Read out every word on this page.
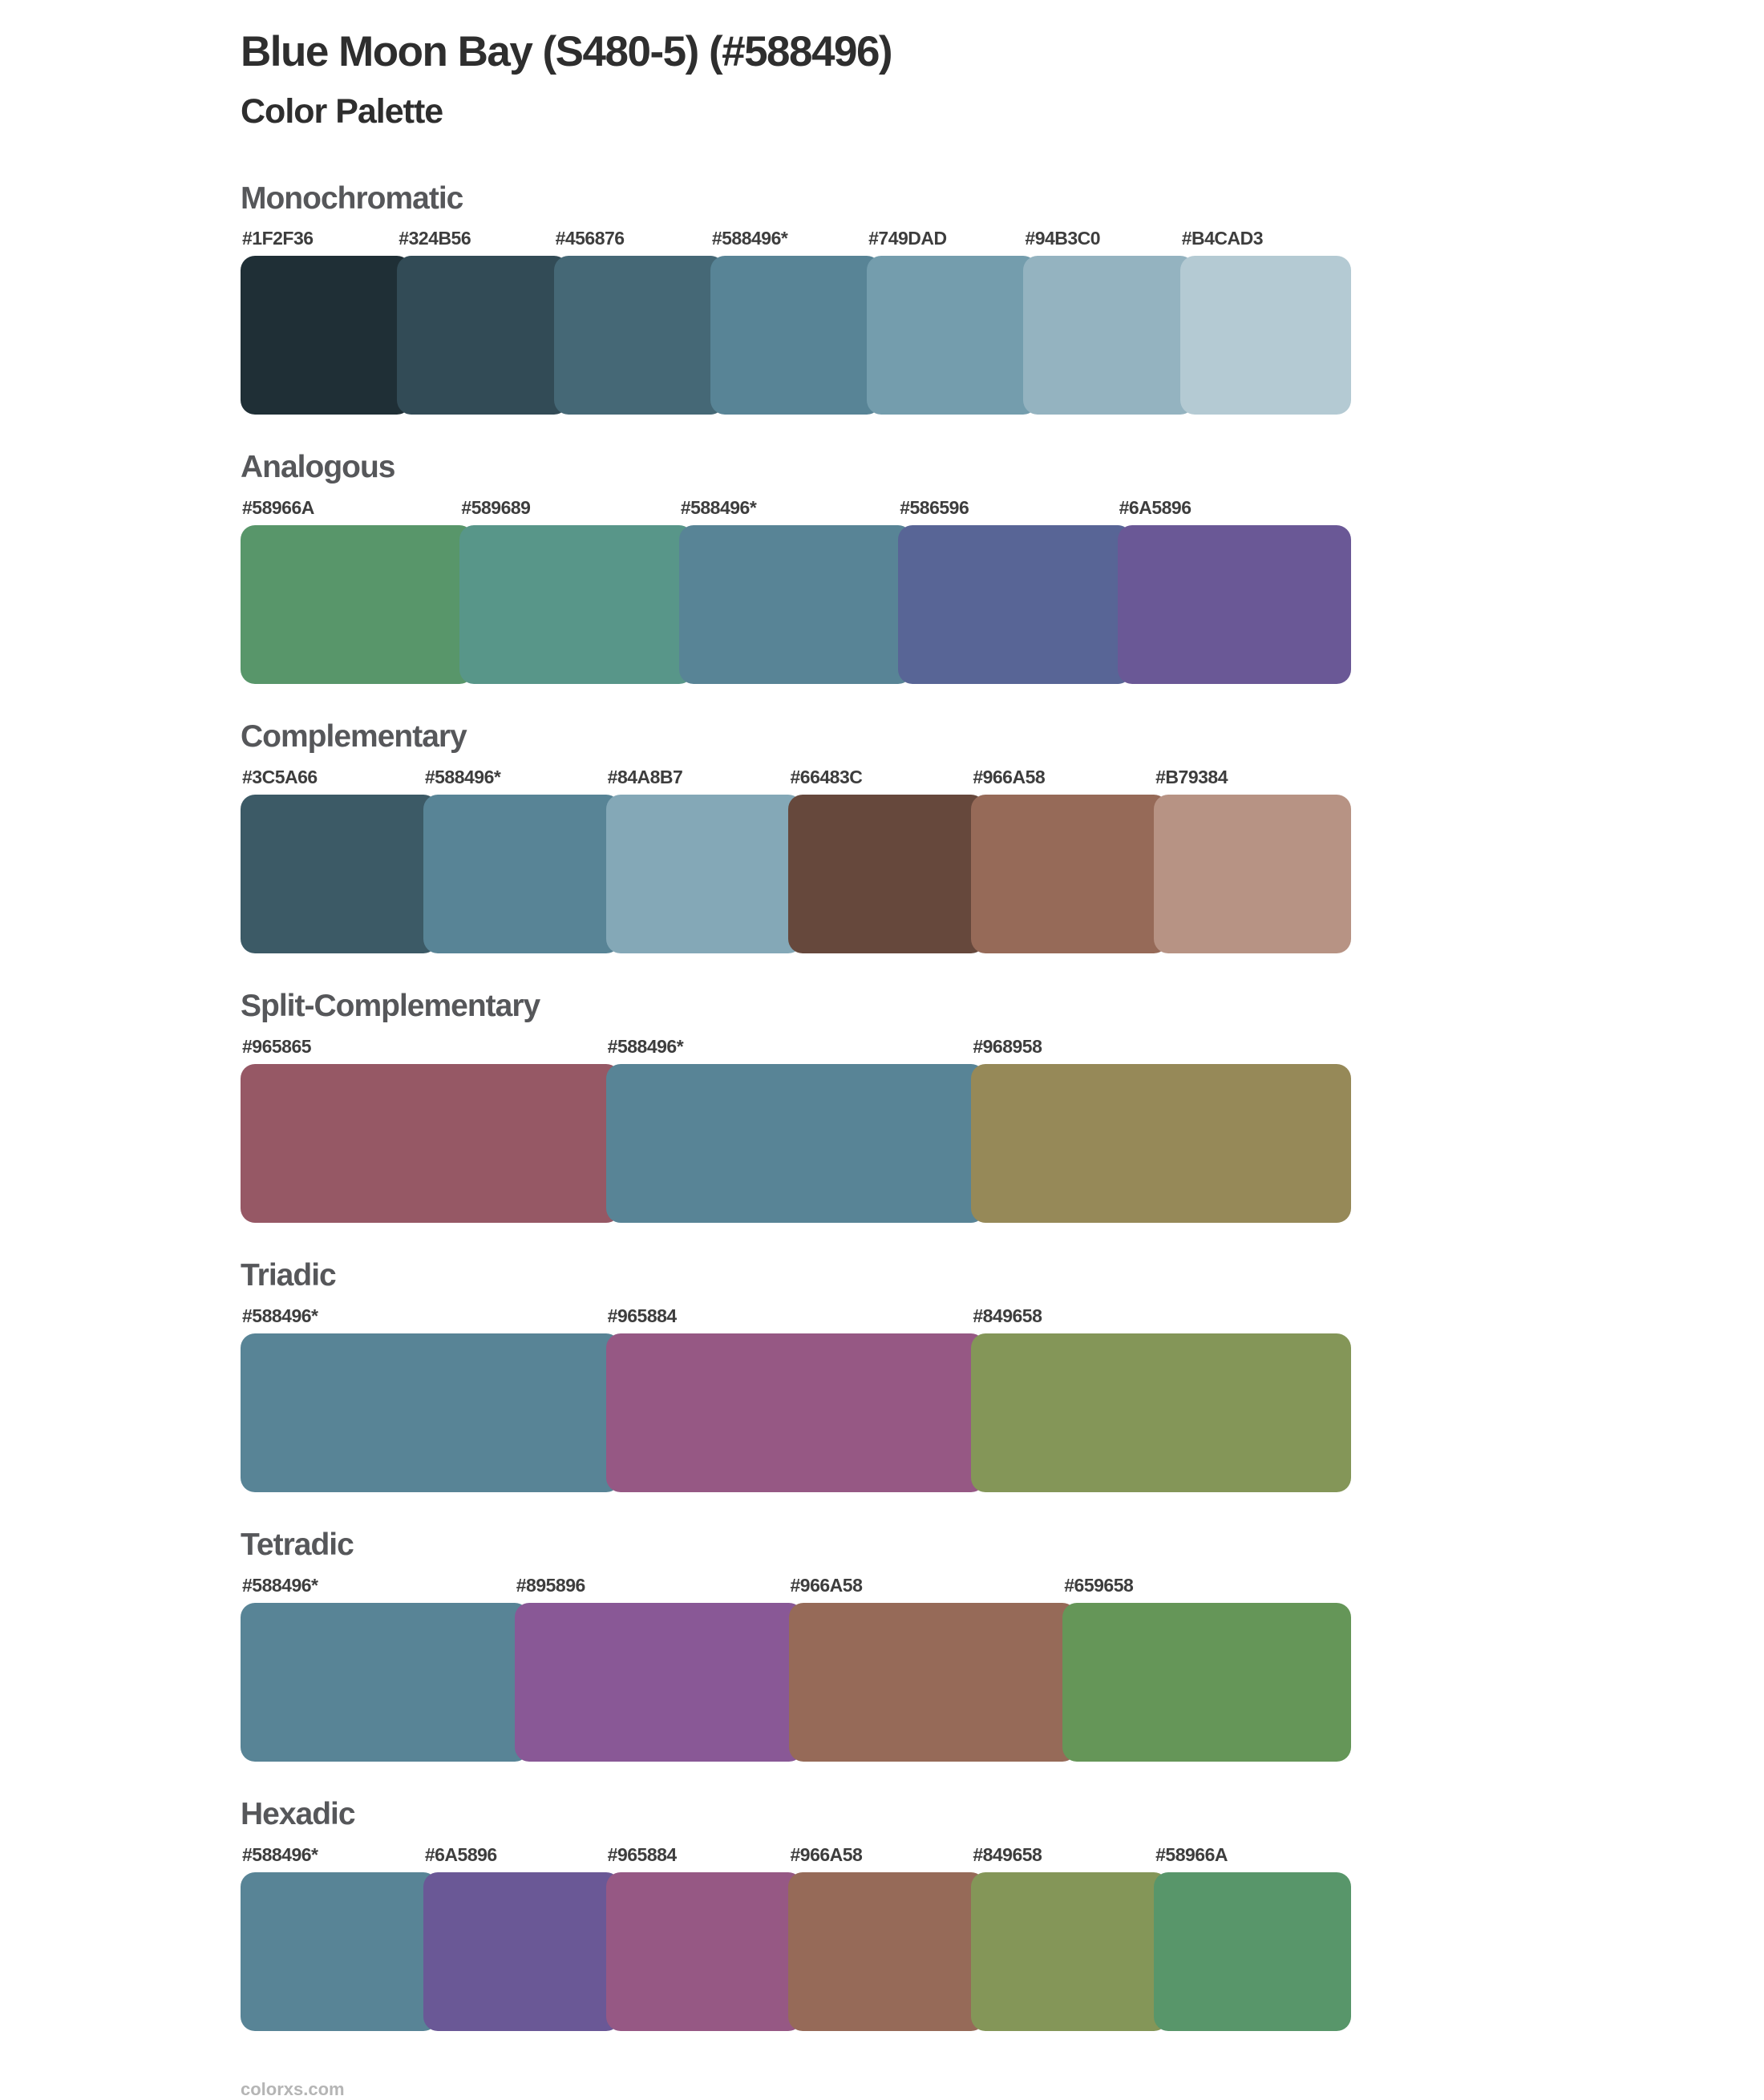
Blue Moon Bay (S480-5) (#588496)
Color Palette
Monochromatic
#1F2F36	#324B56	#456876	#588496*	#749DAD	#94B3C0	#B4CAD3
Analogous
#58966A	#589689	#588496*	#586596	#6A5896
Complementary
#3C5A66	#588496*	#84A8B7	#66483C	#966A58	#B79384
Split-Complementary
#965865	#588496*	#968958
Triadic
#588496*	#965884	#849658
Tetradic
#588496*	#895896	#966A58	#659658
Hexadic
#588496*	#6A5896	#965884	#966A58	#849658	#58966A
colorxs.com
